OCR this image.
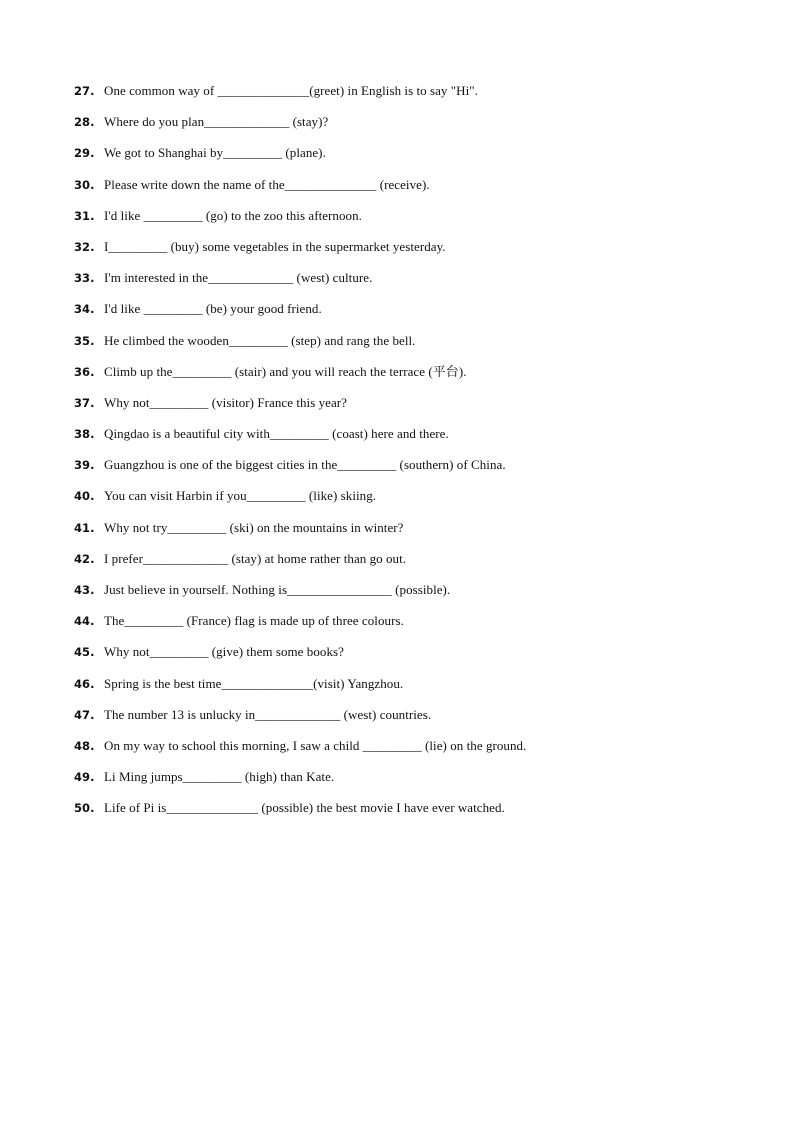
27. One common way of ______________(greet) in English is to say "Hi".
28. Where do you plan_____________ (stay)?
29. We got to Shanghai by_________ (plane).
30. Please write down the name of the______________ (receive).
31. I'd like _________ (go) to the zoo this afternoon.
32. I_________ (buy) some vegetables in the supermarket yesterday.
33. I'm interested in the_____________ (west) culture.
34. I'd like _________ (be) your good friend.
35. He climbed the wooden_________ (step) and rang the bell.
36. Climb up the_________ (stair) and you will reach the terrace (平台).
37. Why not_________ (visitor) France this year?
38. Qingdao is a beautiful city with_________ (coast) here and there.
39. Guangzhou is one of the biggest cities in the_________ (southern) of China.
40. You can visit Harbin if you_________ (like) skiing.
41. Why not try_________ (ski) on the mountains in winter?
42. I prefer_____________ (stay) at home rather than go out.
43. Just believe in yourself. Nothing is________________ (possible).
44. The_________ (France) flag is made up of three colours.
45. Why not_________ (give) them some books?
46. Spring is the best time______________(visit) Yangzhou.
47. The number 13 is unlucky in_____________ (west) countries.
48. On my way to school this morning, I saw a child _________ (lie) on the ground.
49. Li Ming jumps_________ (high) than Kate.
50. Life of Pi is______________ (possible) the best movie I have ever watched.
